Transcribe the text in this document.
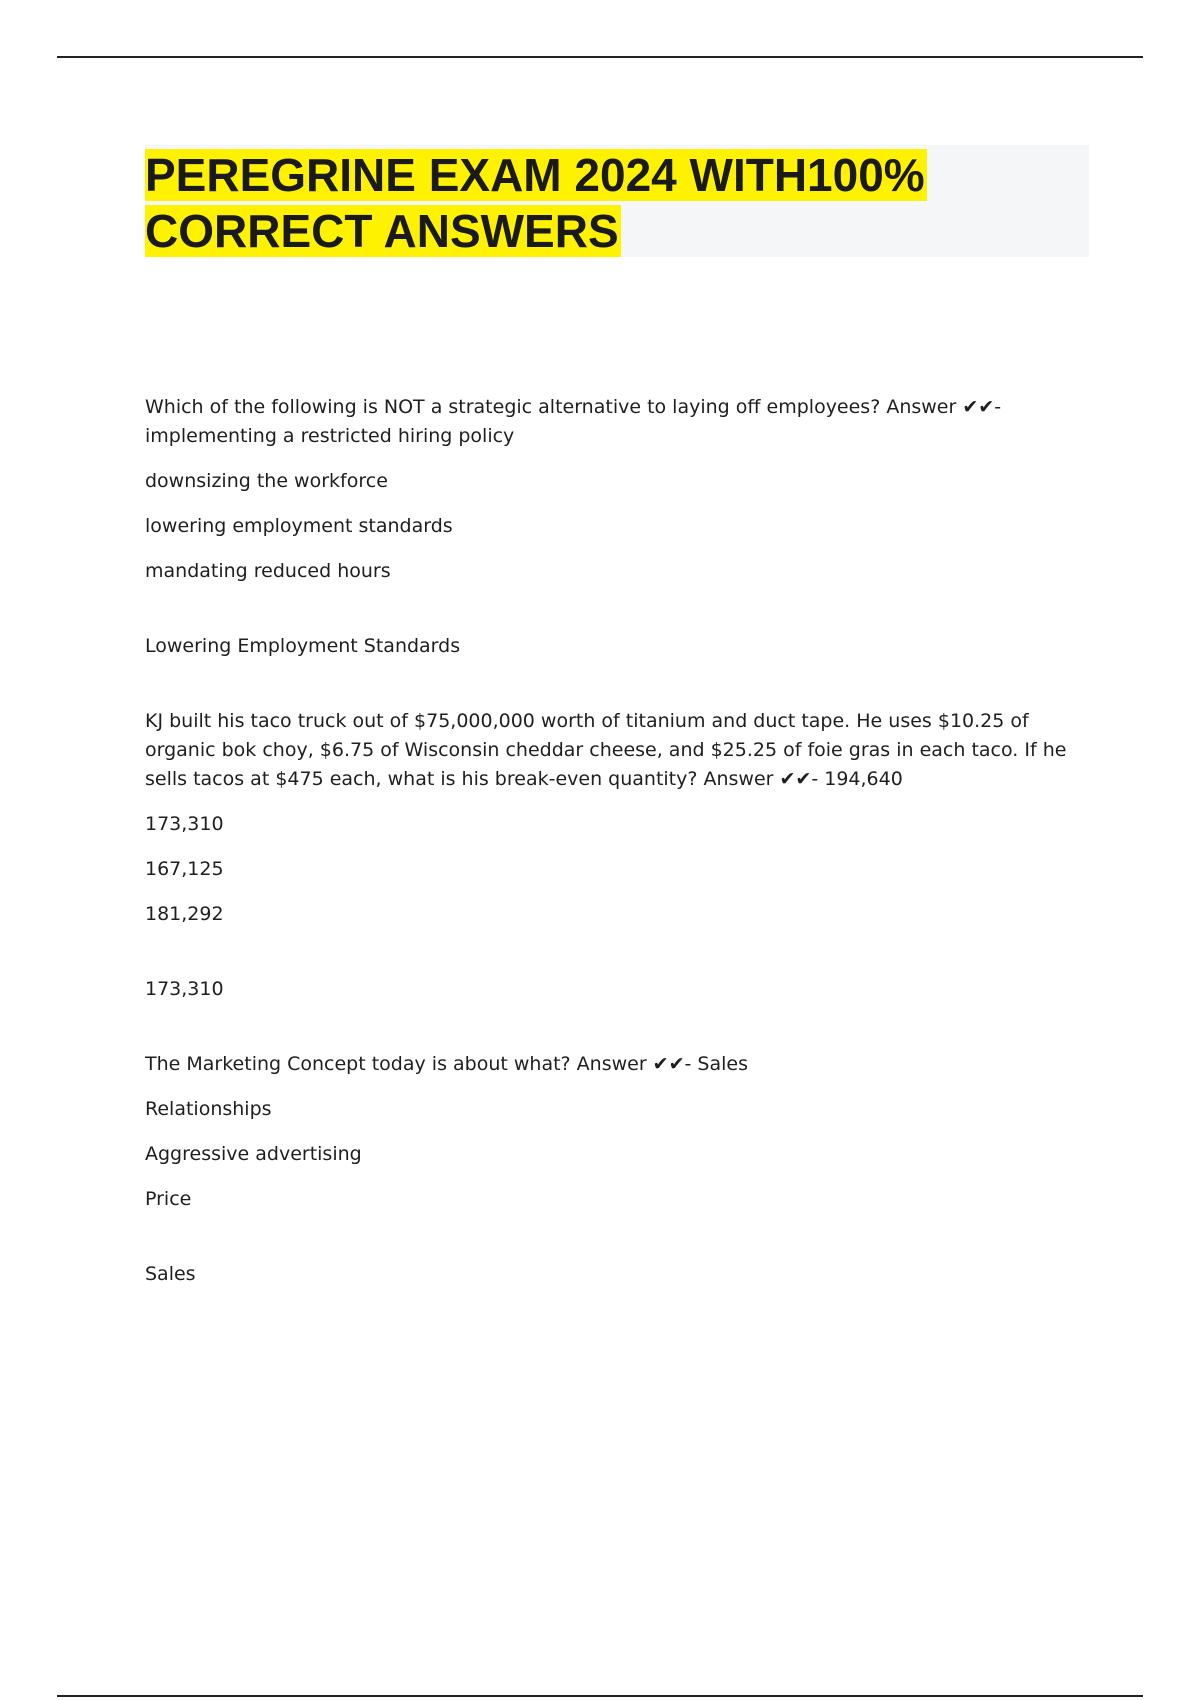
PEREGRINE EXAM 2024 WITH100%
CORRECT ANSWERS

Which of the following is NOT a strategic alternative to laying off employees? Answer ✔✔- implementing a restricted hiring policy

downsizing the workforce

lowering employment standards

mandating reduced hours

Lowering Employment Standards

KJ built his taco truck out of $75,000,000 worth of titanium and duct tape. He uses $10.25 of organic bok choy, $6.75 of Wisconsin cheddar cheese, and $25.25 of foie gras in each taco. If he sells tacos at $475 each, what is his break-even quantity? Answer ✔✔- 194,640

173,310

167,125

181,292

173,310

The Marketing Concept today is about what? Answer ✔✔- Sales

Relationships

Aggressive advertising

Price

Sales
